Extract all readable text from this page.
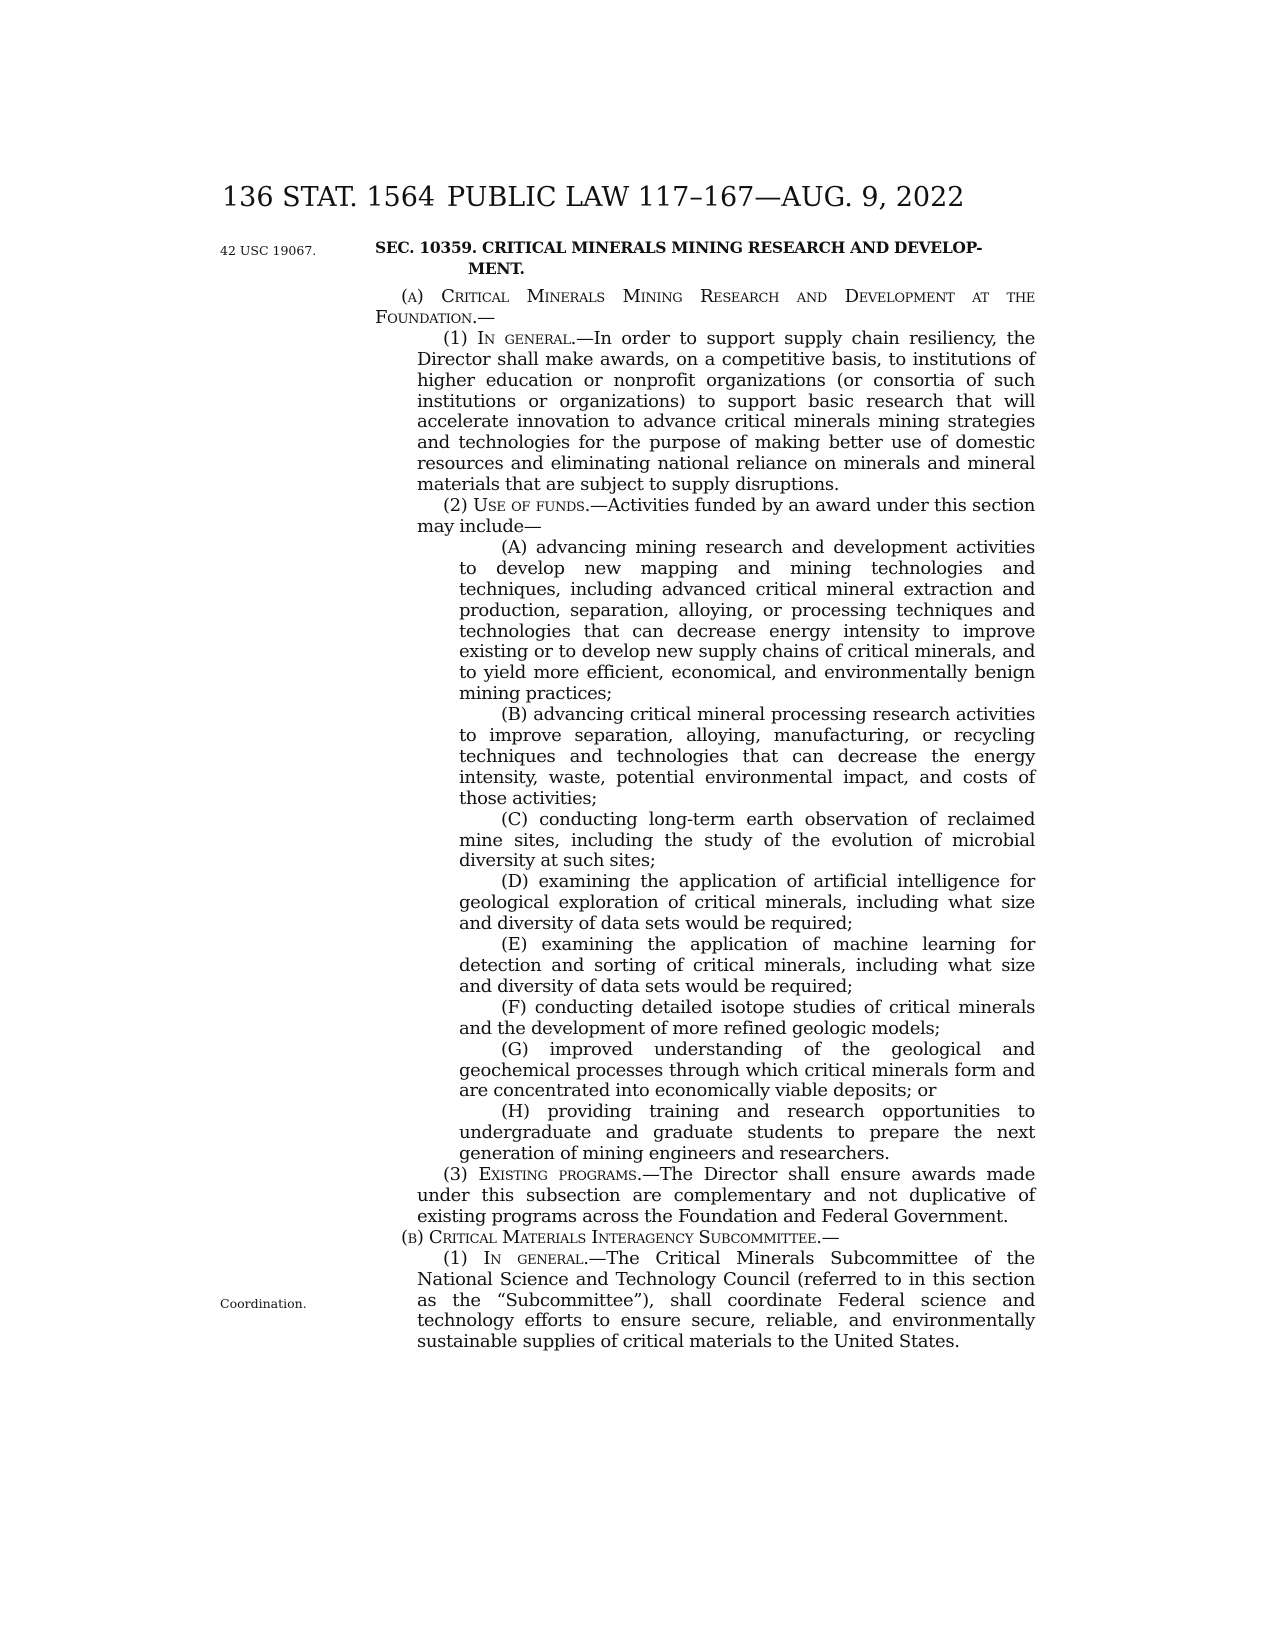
136 STAT. 1564 PUBLIC LAW 117–167—AUG. 9, 2022
42 USC 19067.
Coordination.
SEC. 10359. CRITICAL MINERALS MINING RESEARCH AND DEVELOP-
MENT.

(a) Critical Minerals Mining Research and Development at the Foundation.—

(1) In general.—In order to support supply chain resiliency, the Director shall make awards, on a competitive basis, to institutions of higher education or nonprofit organizations (or consortia of such institutions or organizations) to support basic research that will accelerate innovation to advance critical minerals mining strategies and technologies for the purpose of making better use of domestic resources and eliminating national reliance on minerals and mineral materials that are subject to supply disruptions.

(2) Use of funds.—Activities funded by an award under this section may include—

(A) advancing mining research and development activities to develop new mapping and mining technologies and techniques, including advanced critical mineral extraction and production, separation, alloying, or processing techniques and technologies that can decrease energy intensity to improve existing or to develop new supply chains of critical minerals, and to yield more efficient, economical, and environmentally benign mining practices;

(B) advancing critical mineral processing research activities to improve separation, alloying, manufacturing, or recycling techniques and technologies that can decrease the energy intensity, waste, potential environmental impact, and costs of those activities;

(C) conducting long-term earth observation of reclaimed mine sites, including the study of the evolution of microbial diversity at such sites;

(D) examining the application of artificial intelligence for geological exploration of critical minerals, including what size and diversity of data sets would be required;

(E) examining the application of machine learning for detection and sorting of critical minerals, including what size and diversity of data sets would be required;

(F) conducting detailed isotope studies of critical minerals and the development of more refined geologic models;

(G) improved understanding of the geological and geochemical processes through which critical minerals form and are concentrated into economically viable deposits; or

(H) providing training and research opportunities to undergraduate and graduate students to prepare the next generation of mining engineers and researchers.

(3) Existing programs.—The Director shall ensure awards made under this subsection are complementary and not duplicative of existing programs across the Foundation and Federal Government.

(b) Critical Materials Interagency Subcommittee.—

(1) In general.—The Critical Minerals Subcommittee of the National Science and Technology Council (referred to in this section as the “Subcommittee”), shall coordinate Federal science and technology efforts to ensure secure, reliable, and environmentally sustainable supplies of critical materials to the United States.
